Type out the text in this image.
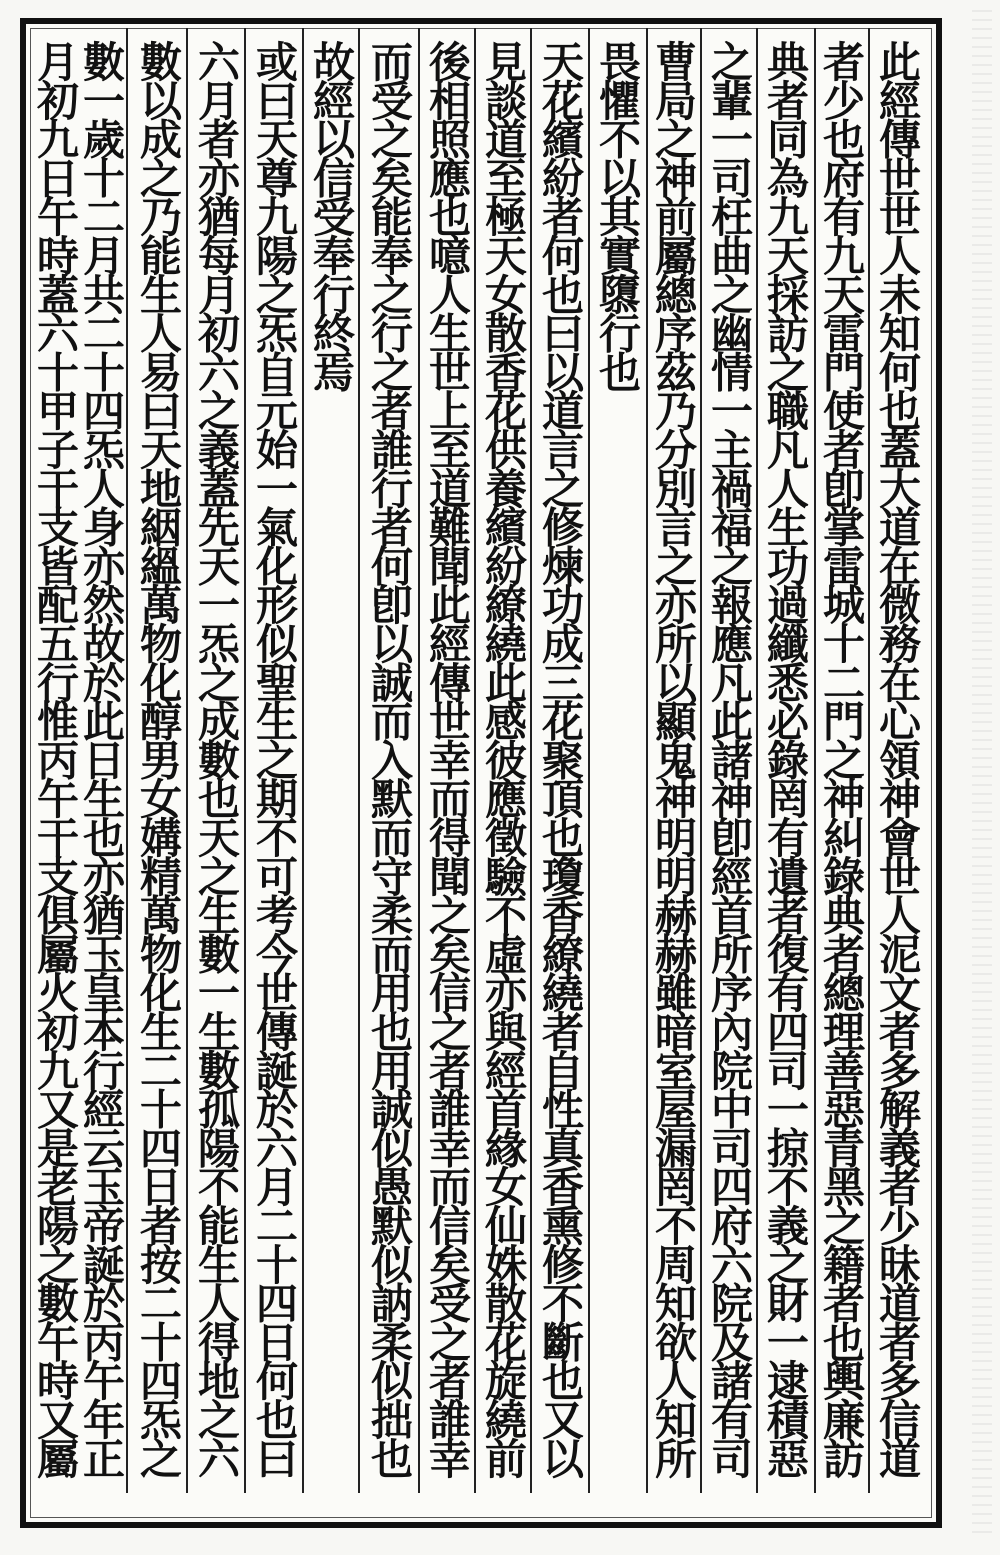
此經傳世世人未知何也蓋大道在微務在心領神會世人泥文者多解義者少昧道者多信道
者少也府有九天雷門使者卽掌雷城十二門之神糾錄典者總理善惡青黑之籍者也輿廉訪
典者同為九天採訪之職凡人生功過纖悉必錄罔有遺者復有四司一掠不義之財一逮積惡
之輩一司枉曲之幽情一主禍福之報應凡此諸神卽經首所序內院中司四府六院及諸有司
曹局之神前屬總序茲乃分別言之亦所以顯鬼神明明赫赫雖暗室屋漏罔不周知欲人知所
畏懼不以其實隳行也
天花繽紛者何也曰以道言之修煉功成三花聚頂也瓊香繚繞者自性真香熏修不斷也又以
見談道至極天女散香花供養繽紛繚繞此感彼應徵驗不虛亦與經首緣女仙姝散花旋繞前
後相照應也噫人生世上至道難聞此經傳世幸而得聞之矣信之者誰幸而信矣受之者誰幸
而受之矣能奉之行之者誰行者何卽以誠而入默而守柔而用也用誠似愚默似訥柔似拙也
故經以信受奉行終焉
或曰天尊九陽之炁自元始一氣化形似聖生之期不可考今世傳誕於六月二十四日何也曰
六月者亦猶每月初六之義蓋先天一炁之成數也天之生數一生數孤陽不能生人得地之六
數以成之乃能生人易曰天地絪縕萬物化醇男女媾精萬物化生二十四日者按二十四炁之
數一歲十二月共二十四炁人身亦然故於此日生也亦猶玉皇本行經云玉帝誕於丙午年正
月初九日午時蓋六十甲子干支皆配五行惟丙午干支俱屬火初九又是老陽之數午時又屬
